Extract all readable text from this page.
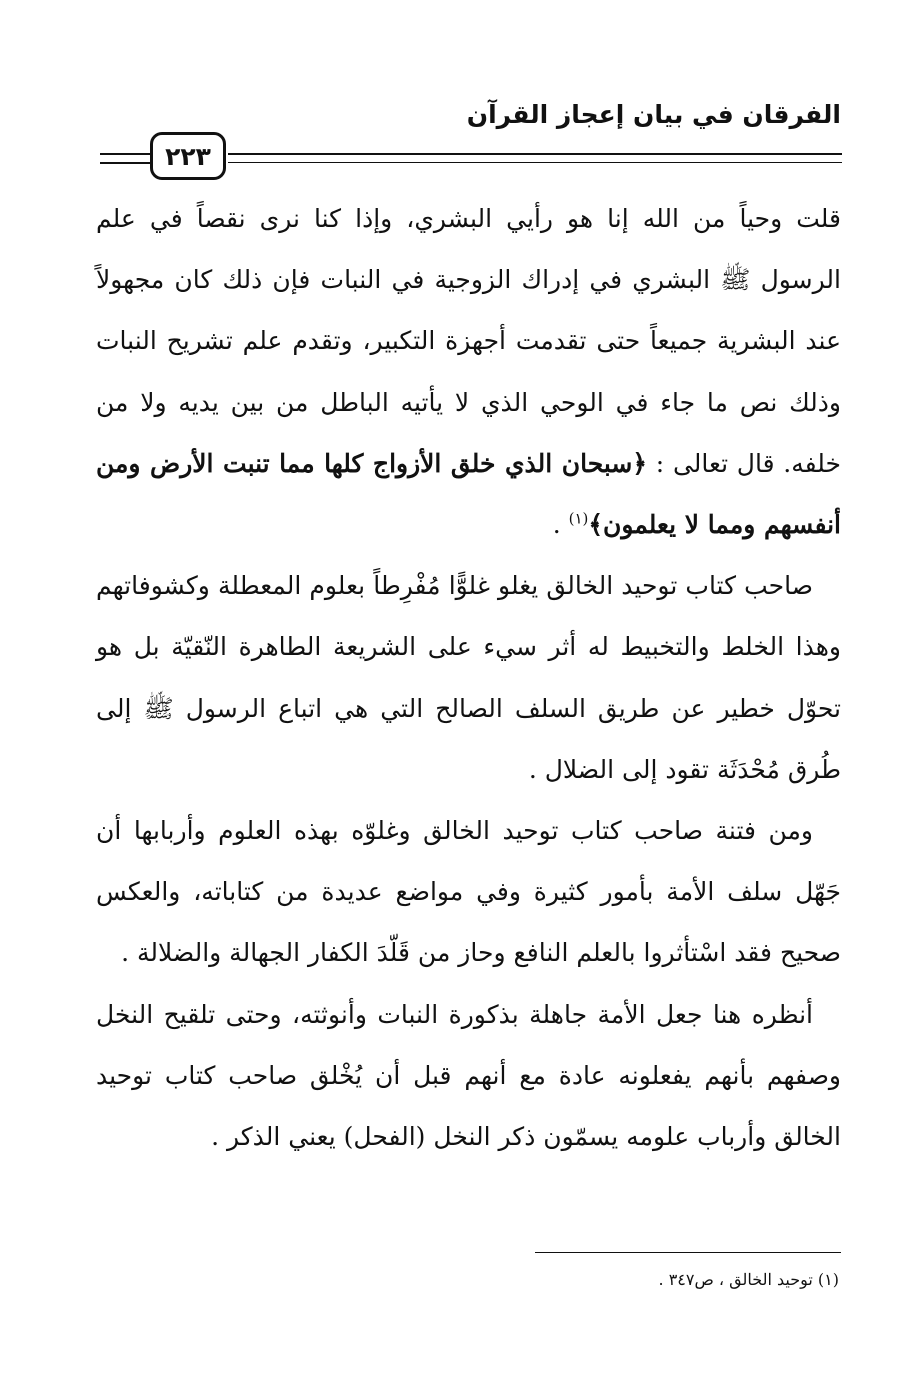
الفرقان في بيان إعجاز القرآن
٢٢٣

قلت وحياً من الله إنا هو رأيي البشري، وإذا كنا نرى نقصاً في علم الرسول ﷺ البشري في إدراك الزوجية في النبات فإن ذلك كان مجهولاً عند البشرية جميعاً حتى تقدمت أجهزة التكبير، وتقدم علم تشريح النبات وذلك نص ما جاء في الوحي الذي لا يأتيه الباطل من بين يديه ولا من خلفه. قال تعالى : ﴿سبحان الذي خلق الأزواج كلها مما تنبت الأرض ومن أنفسهم ومما لا يعلمون﴾$^{(١)}$ .

صاحب كتاب توحيد الخالق يغلو غلوًّا مُفْرِطاً بعلوم المعطلة وكشوفاتهم وهذا الخلط والتخبيط له أثر سيء على الشريعة الطاهرة النّقيّة بل هو تحوّل خطير عن طريق السلف الصالح التي هي اتباع الرسول ﷺ إلى طُرق مُحْدَثَة تقود إلى الضلال .

ومن فتنة صاحب كتاب توحيد الخالق وغلوّه بهذه العلوم وأربابها أن جَهّل سلف الأمة بأمور كثيرة وفي مواضع عديدة من كتاباته، والعكس صحيح فقد اسْتأثروا بالعلم النافع وحاز من قَلّدَ الكفار الجهالة والضلالة .

أنظره هنا جعل الأمة جاهلة بذكورة النبات وأنوثته، وحتى تلقيح النخل وصفهم بأنهم يفعلونه عادة مع أنهم قبل أن يُخْلق صاحب كتاب توحيد الخالق وأرباب علومه يسمّون ذكر النخل (الفحل) يعني الذكر .

(١) توحيد الخالق ، ص٣٤٧ .
